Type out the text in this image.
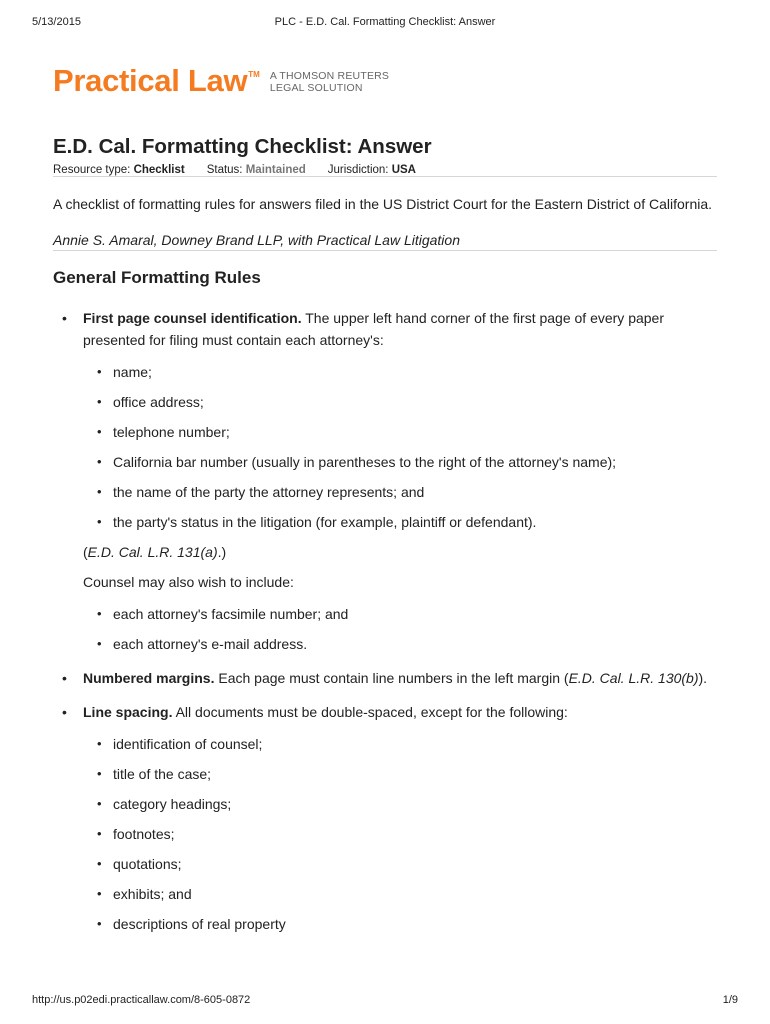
5/13/2015	PLC - E.D. Cal. Formatting Checklist: Answer
Practical Law TM A THOMSON REUTERS
LEGAL SOLUTION
E.D. Cal. Formatting Checklist: Answer
Resource type: Checklist Status: Maintained Jurisdiction: USA
A checklist of formatting rules for answers filed in the US District Court for the Eastern District of California.
Annie S. Amaral, Downey Brand LLP, with Practical Law Litigation
General Formatting Rules
• First page counsel identification. The upper left hand corner of the first page of every paper presented for filing must contain each attorney's:
• name;
• office address;
• telephone number;
• California bar number (usually in parentheses to the right of the attorney's name);
• the name of the party the attorney represents; and
• the party's status in the litigation (for example, plaintiff or defendant).
(E.D. Cal. L.R. 131(a).)
Counsel may also wish to include:
• each attorney's facsimile number; and
• each attorney's e-mail address.
• Numbered margins. Each page must contain line numbers in the left margin (E.D. Cal. L.R. 130(b)).
• Line spacing. All documents must be double-spaced, except for the following:
• identification of counsel;
• title of the case;
• category headings;
• footnotes;
• quotations;
• exhibits; and
• descriptions of real property
http://us.p02edi.practicallaw.com/8-605-0872	1/9
